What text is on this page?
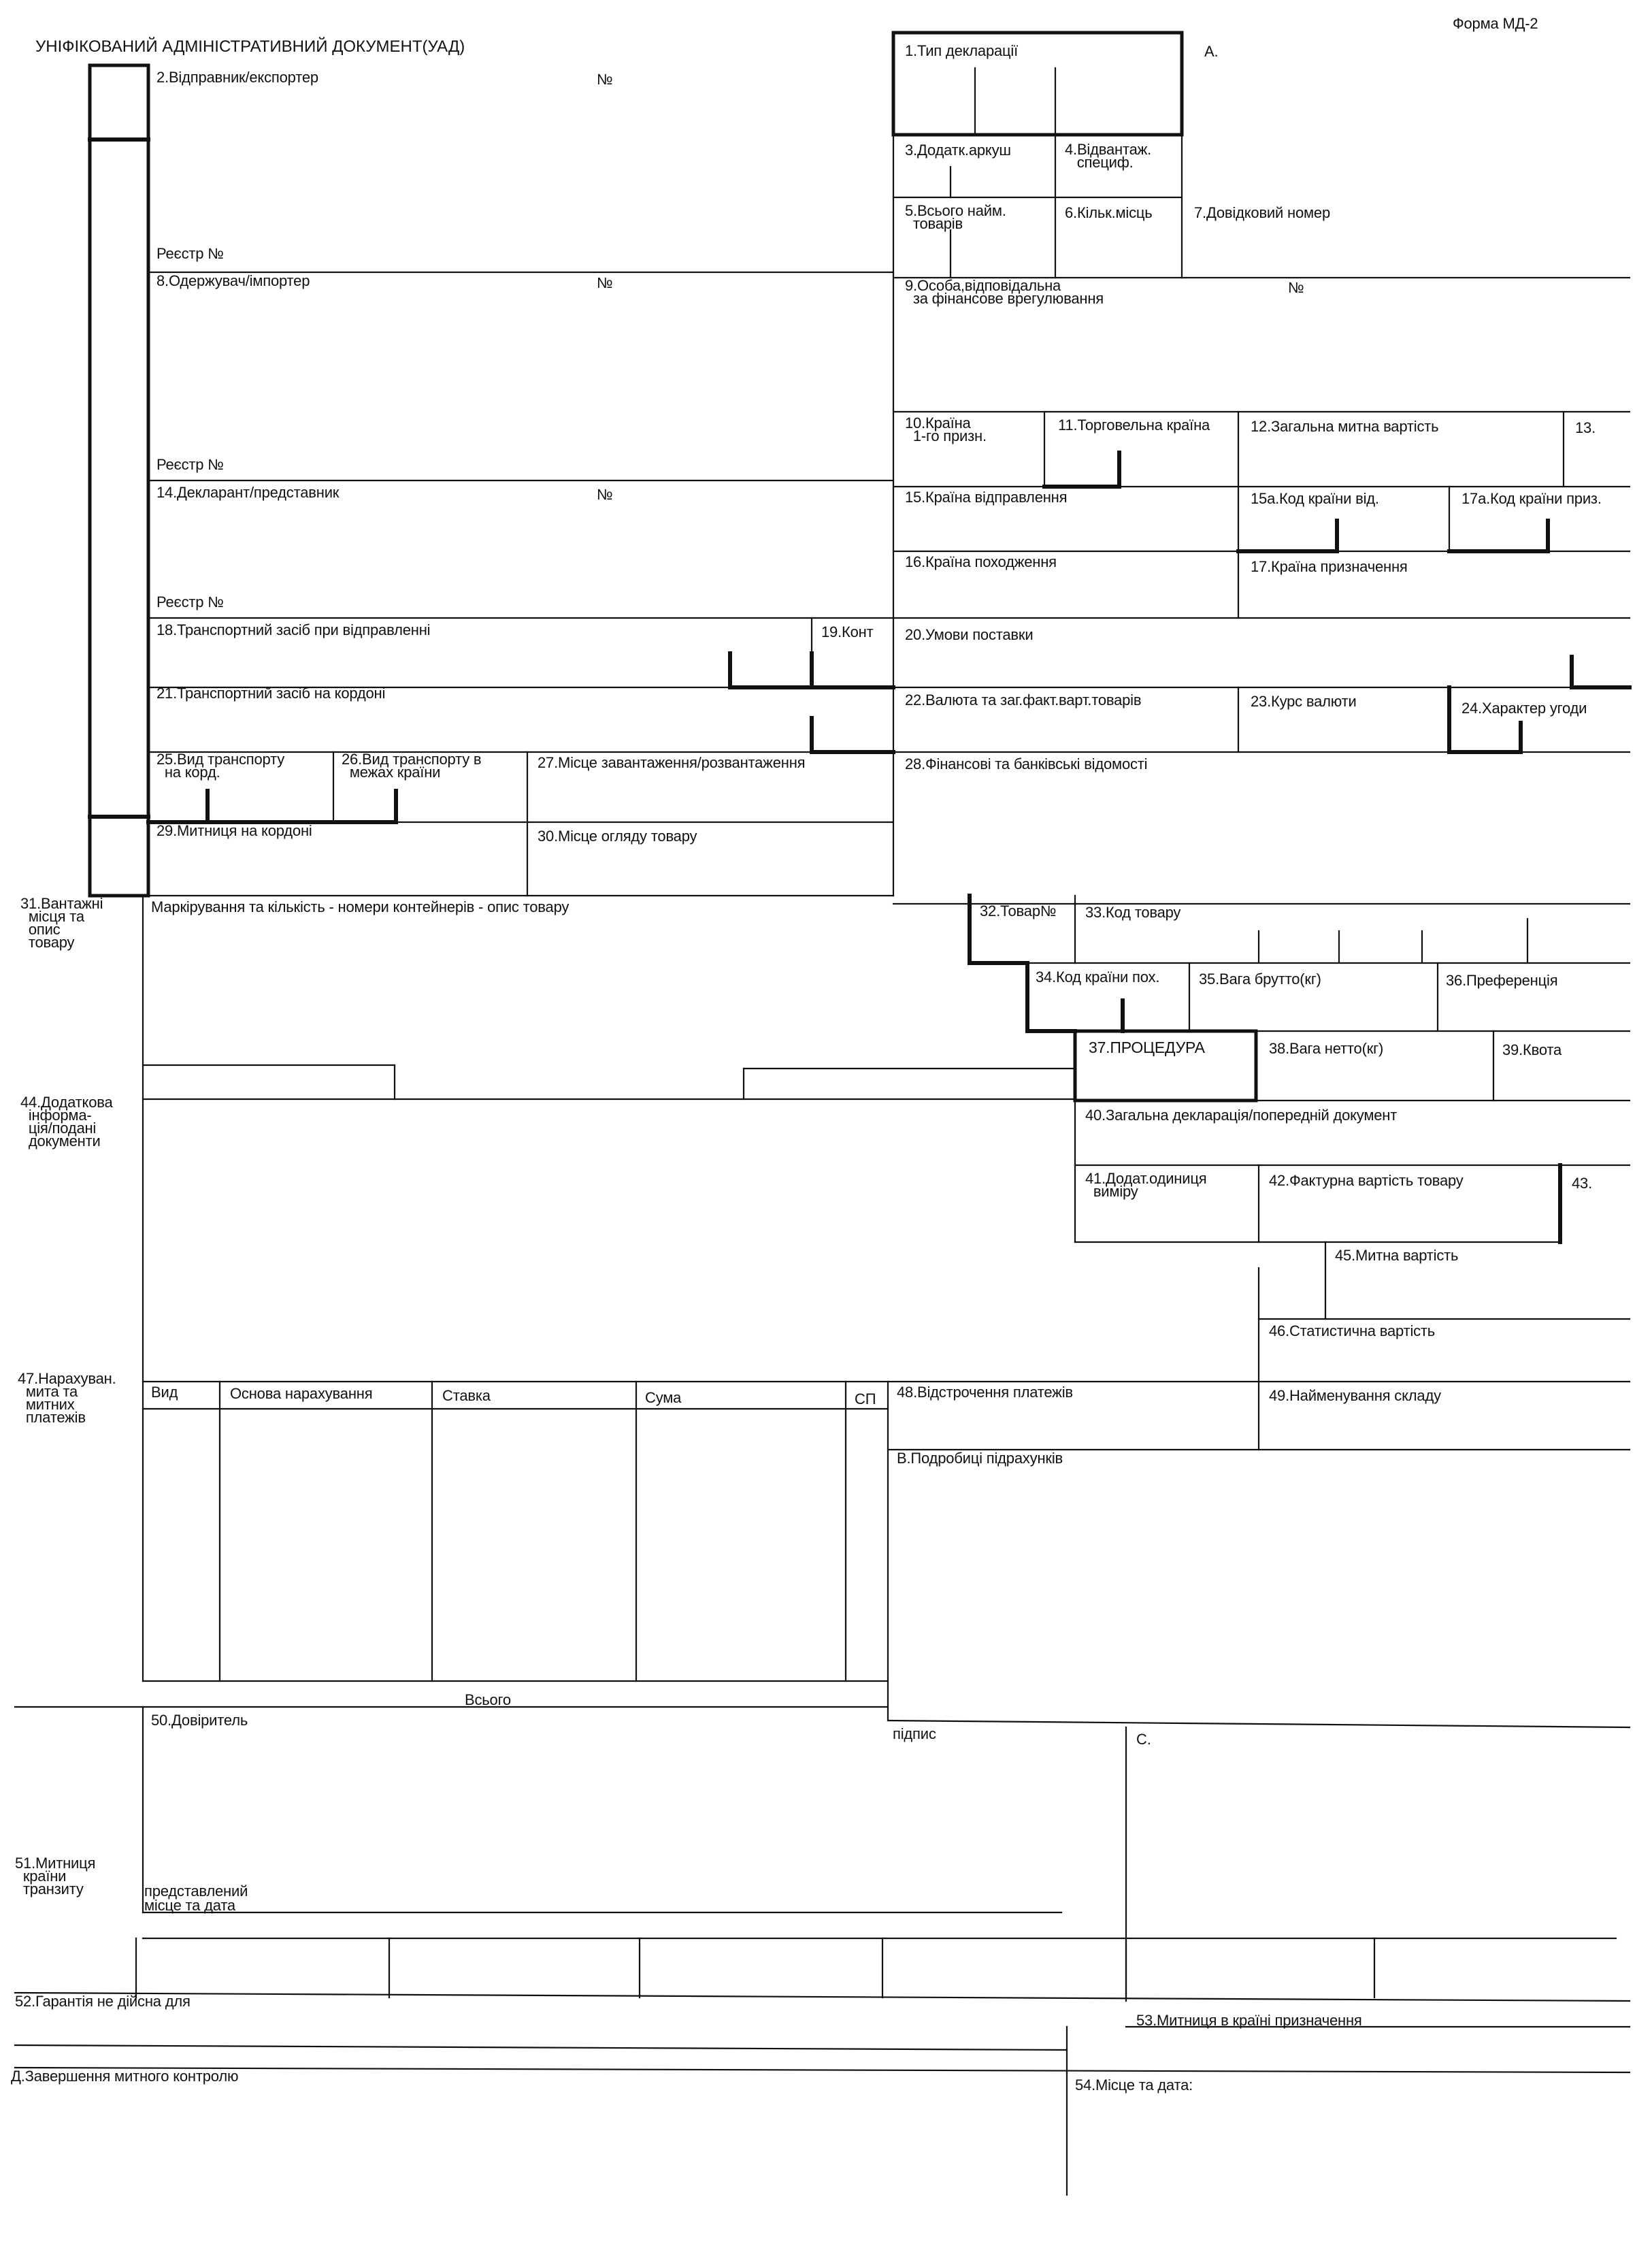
УНІФІКОВАНИЙ АДМІНІСТРАТИВНИЙ ДОКУМЕНТ(УАД)
Форма МД-2
А.
1.Тип декларації
2.Відправник/експортер	№
Реєстр №
3.Додатк.аркуш	4.Відвантаж.
специф.
5.Всього найм.
товарів
6.Кільк.місць	7.Довідковий номер
8.Одержувач/імпортер	№
Реєстр №
9.Особа,відповідальна
за фінансове врегулювання
№
10.Країна
1-го призн.
11.Торговельна країна	12.Загальна митна вартість	13.
14.Декларант/представник	№
Реєстр №
15.Країна відправлення	15а.Код країни від.	17а.Код країни приз.
16.Країна походження	17.Країна призначення
18.Транспортний засіб при відправленні	19.Конт 20.Умови поставки
21.Транспортний засіб на кордоні	22.Валюта та заг.факт.варт.товарів	23.Курс валюти	24.Характер угоди
25.Вид транспорту
на корд.
26.Вид транспорту в
межах країни
27.Місце завантаження/розвантаження	28.Фінансові та банківські відомості
29.Митниця на кордоні	30.Місце огляду товару
31.Вантажні
місця та
опис
товару
Маркірування та кількість - номери контейнерів - опис товару	32.Товар№ 33.Код товару
34.Код країни пох.	35.Вага брутто(кг)	36.Преференція
37.ПРОЦЕДУРА	38.Вага нетто(кг)	39.Квота
44.Додаткова
інформа-
ція/подані
документи
40.Загальна декларація/попередній документ
41.Додат.одиниця
виміру
42.Фактурна вартість товару	43.
45.Митна вартість
46.Статистична вартість
47.Нарахуван.
мита та
митних
платежів
Вид	Основа нарахування	Ставка	Сума	СП
Всього
48.Відстрочення платежів	49.Найменування складу
В.Подробиці підрахунків
50.Довіритель
підпис	С.
представлений
місце та дата
51.Митниця
країни
транзиту
52.Гарантія не дійсна для
53.Митниця в країні призначення
Д.Завершення митного контролю
54.Місце та дата:
